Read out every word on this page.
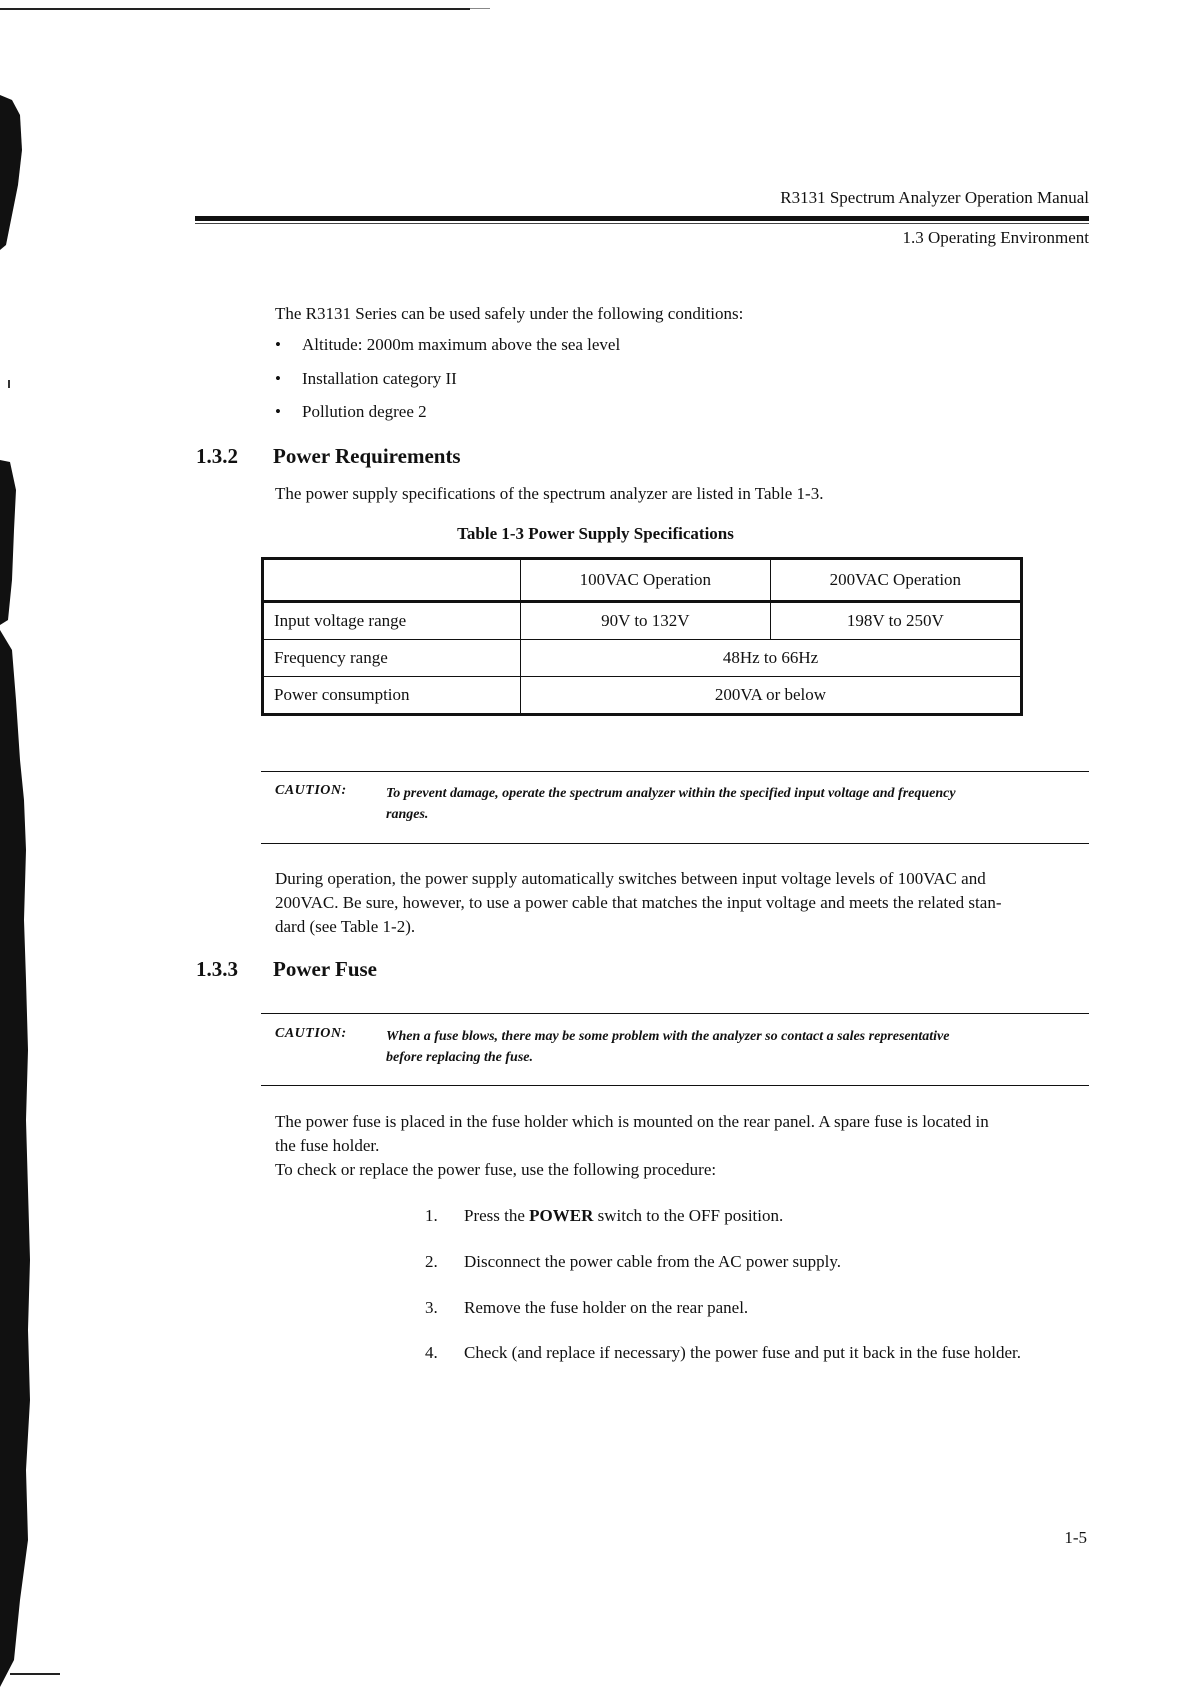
R3131 Spectrum Analyzer Operation Manual
1.3 Operating Environment
The R3131 Series can be used safely under the following conditions:
• Altitude: 2000m maximum above the sea level
• Installation category II
• Pollution degree 2
1.3.2 Power Requirements
The power supply specifications of the spectrum analyzer are listed in Table 1-3.
Table 1-3 Power Supply Specifications
	100VAC Operation	200VAC Operation
Input voltage range	90V to 132V	198V to 250V
Frequency range	48Hz to 66Hz	
Power consumption	200VA or below	
CAUTION:	To prevent damage, operate the spectrum analyzer within the specified input voltage and frequency
ranges.
During operation, the power supply automatically switches between input voltage levels of 100VAC and
200VAC. Be sure, however, to use a power cable that matches the input voltage and meets the related stan-
dard (see Table 1-2).
1.3.3 Power Fuse
CAUTION:	When a fuse blows, there may be some problem with the analyzer so contact a sales representative
before replacing the fuse.
The power fuse is placed in the fuse holder which is mounted on the rear panel. A spare fuse is located in
the fuse holder.
To check or replace the power fuse, use the following procedure:
1. Press the POWER switch to the OFF position.
2. Disconnect the power cable from the AC power supply.
3. Remove the fuse holder on the rear panel.
4. Check (and replace if necessary) the power fuse and put it back in the fuse holder.
1-5
